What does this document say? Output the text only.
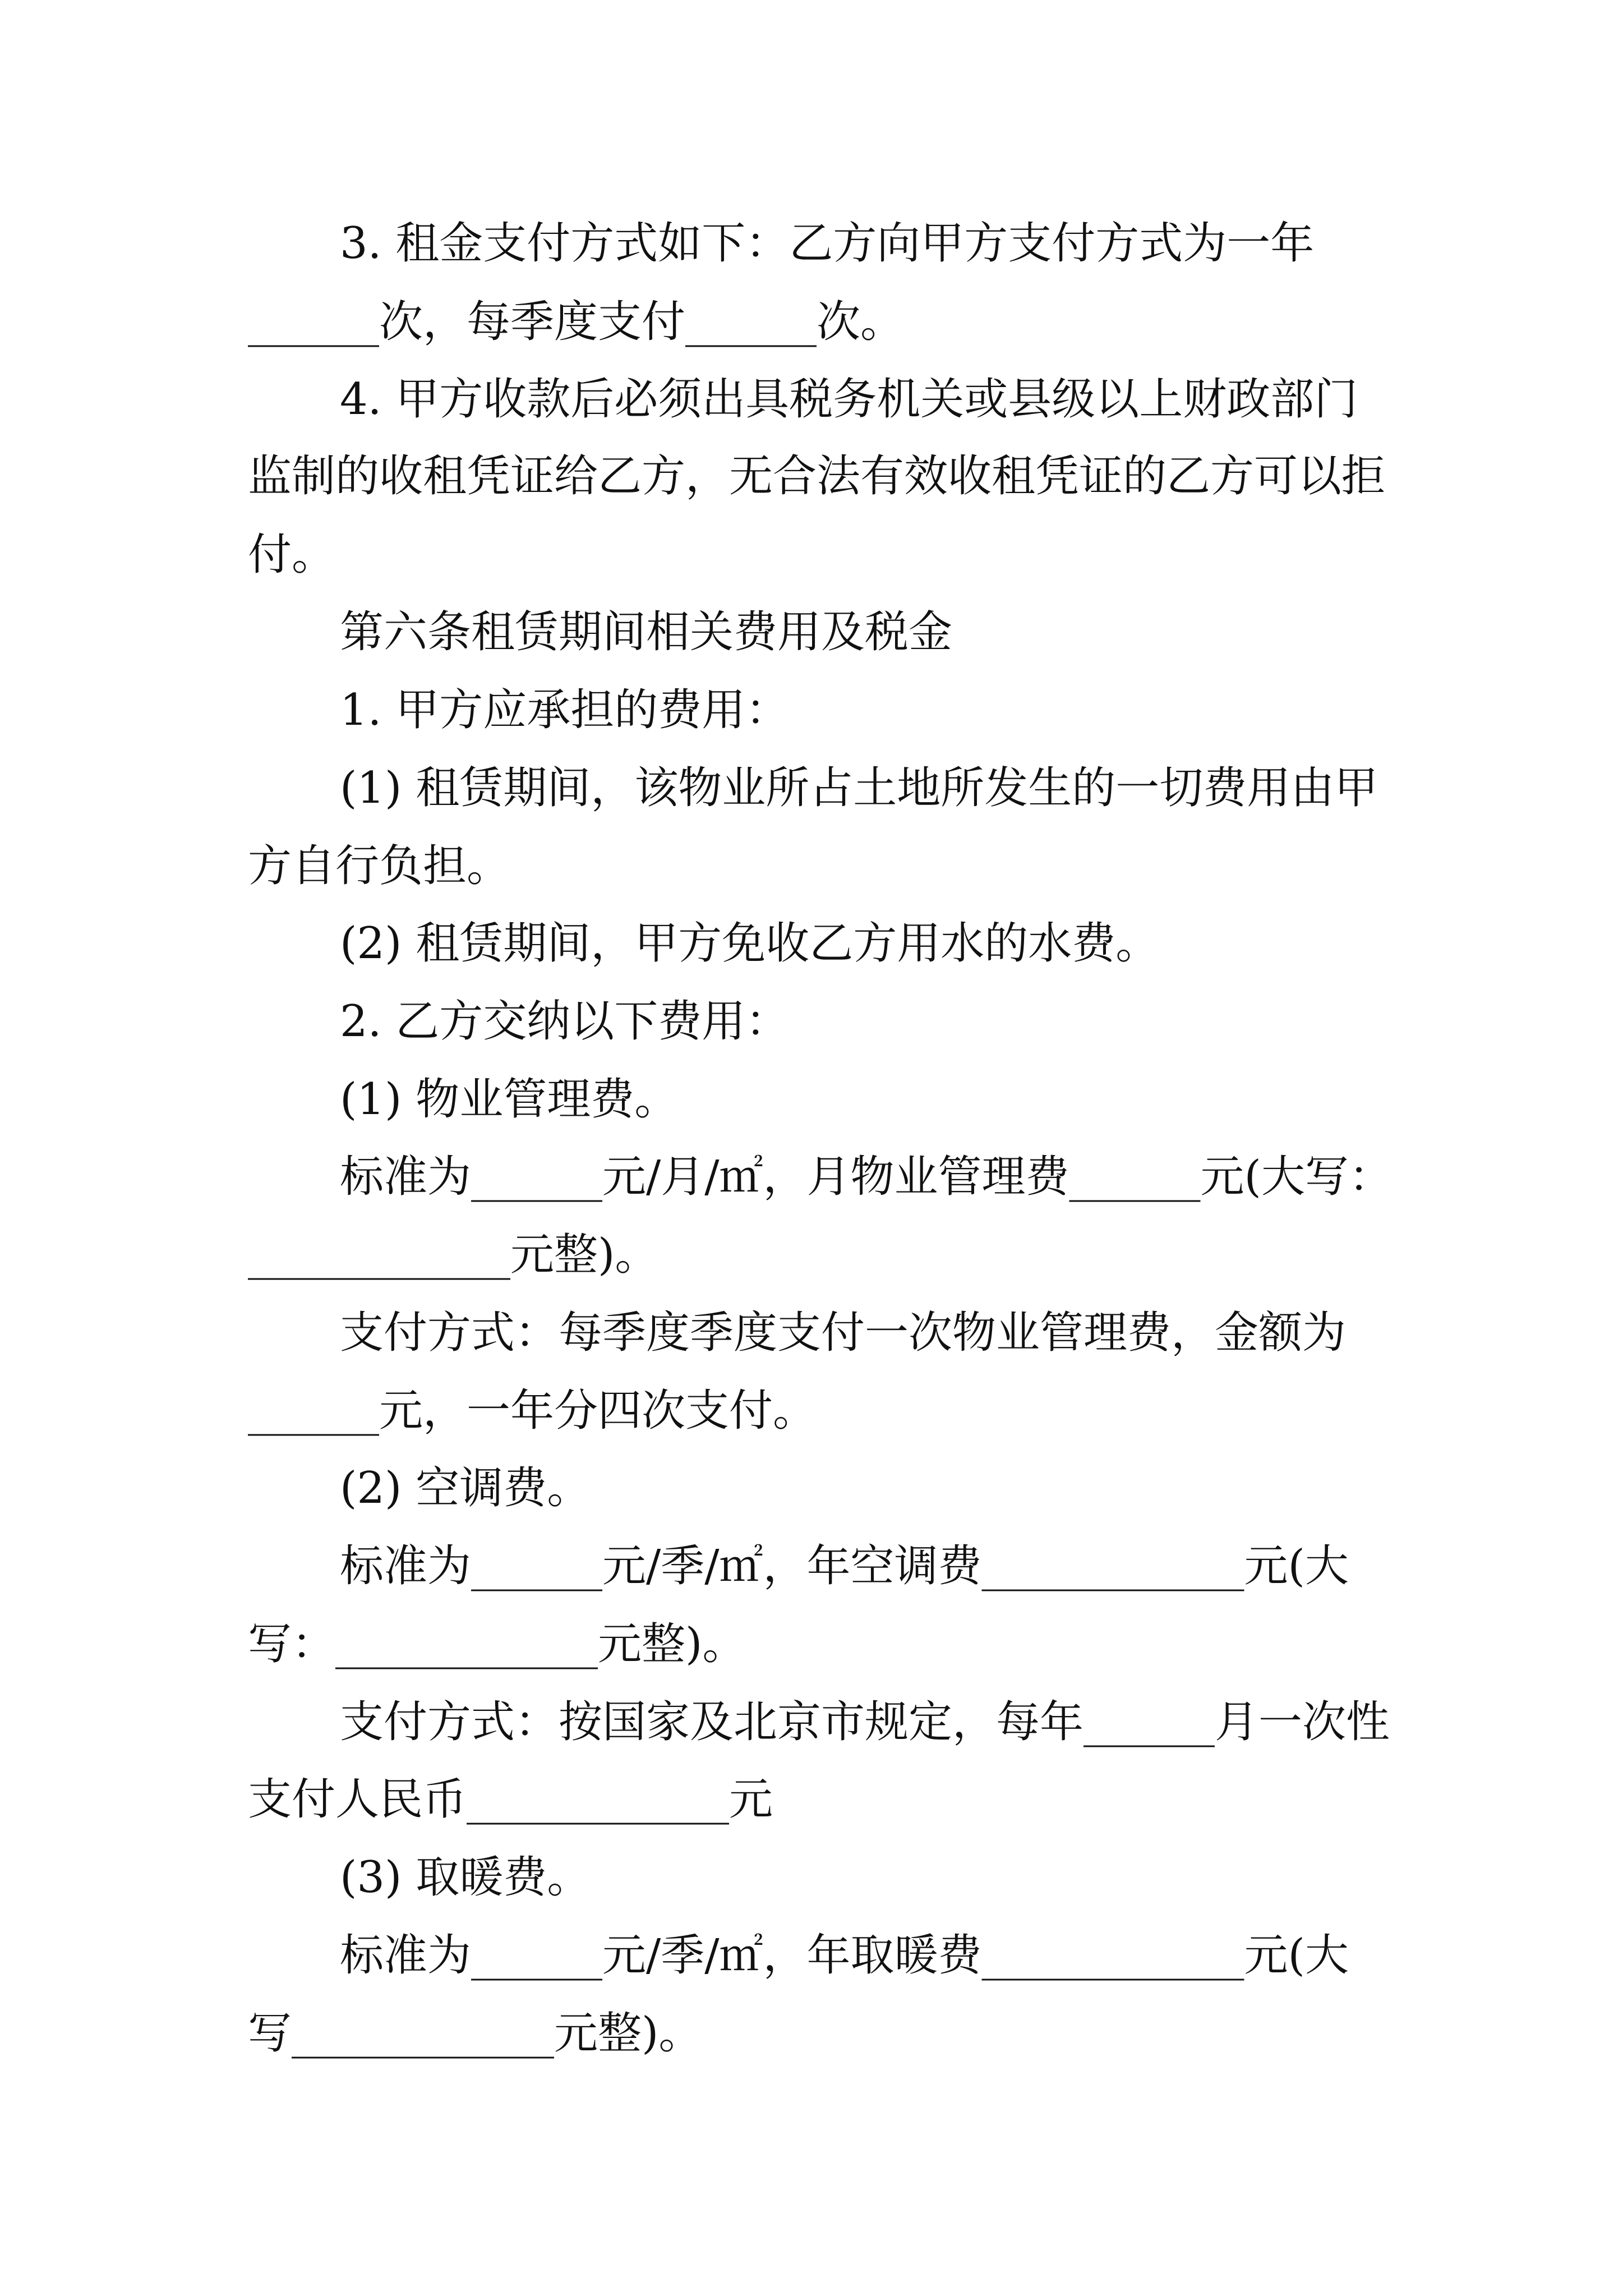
3. 租金支付方式如下：乙方向甲方支付方式为一年

______次，每季度支付______次。

4. 甲方收款后必须出具税务机关或县级以上财政部门

监制的收租凭证给乙方，无合法有效收租凭证的乙方可以拒

付。

第六条租赁期间相关费用及税金

1. 甲方应承担的费用：

(1) 租赁期间，该物业所占土地所发生的一切费用由甲

方自行负担。

(2) 租赁期间，甲方免收乙方用水的水费。

2. 乙方交纳以下费用：

(1) 物业管理费。

标准为______元/月/㎡，月物业管理费______元(大写：

____________元整)。

支付方式：每季度季度支付一次物业管理费，金额为

______元，一年分四次支付。

(2) 空调费。

标准为______元/季/㎡，年空调费____________元(大

写：____________元整)。

支付方式：按国家及北京市规定，每年______月一次性

支付人民币____________元

(3) 取暖费。

标准为______元/季/㎡，年取暖费____________元(大

写____________元整)。
